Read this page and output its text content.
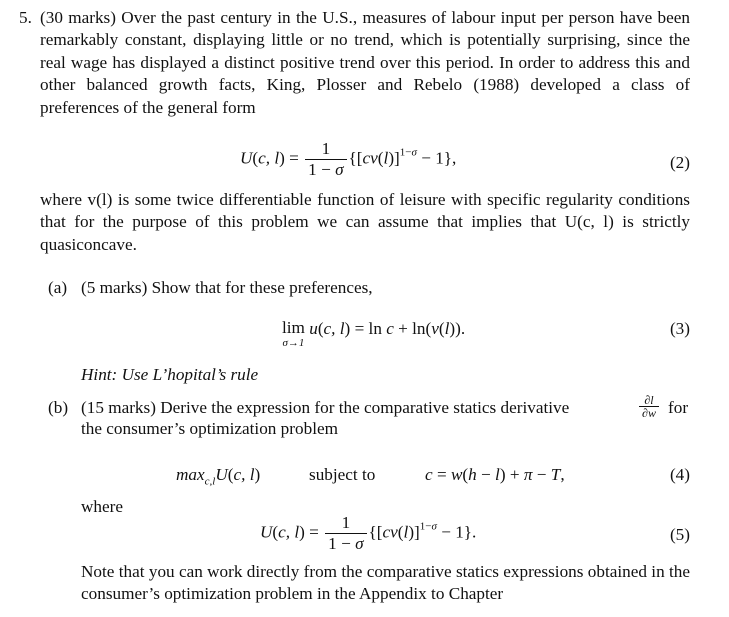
5. (30 marks) Over the past century in the U.S., measures of labour input per person have been remarkably constant, displaying little or no trend, which is potentially surprising, since the real wage has displayed a distinct positive trend over this period. In order to address this and other balanced growth facts, King, Plosser and Rebelo (1988) developed a class of preferences of the general form

U(c, $l) = \frac{1}{1 - \sigma} \{[cv(l)]^{1-\sigma} - 1\}$,	(2)

where v(l) is some twice differentiable function of leisure with specific regularity conditions that for the purpose of this problem we can assume that implies that U(c, l) is strictly quasiconcave.

(a) (5 marks) Show that for these preferences,
lim
σ→1
u(c, l) = ln c + ln(v(l)).	(3)
Hint: Use L’hopital’s rule
(b) (15 marks) Derive the expression for the comparative statics derivative	$\frac{\partial l}{\partial w}$ for
the consumer’s optimization problem
$\max_{c,l}U(c$, l)	subject to	c = w(h − l) + π − T,	(4)
where
U(c, $l) = \frac{1}{1 - \sigma} \{[cv(l)]^{1-\sigma} - 1\}$.	(5)

Note that you can work directly from the comparative statics expressions obtained in the consumer’s optimization problem in the Appendix to Chapter
